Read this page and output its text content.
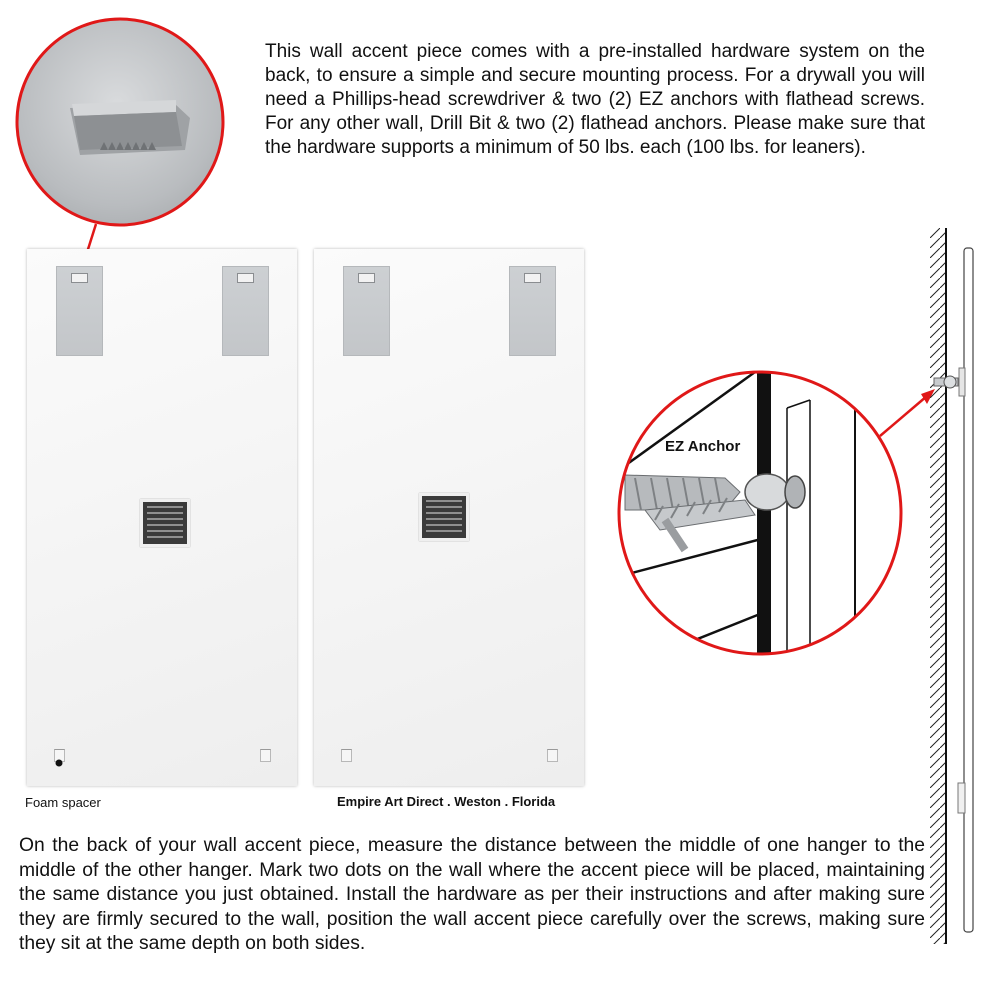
This wall accent piece comes with a pre-installed hardware system on the back, to ensure a simple and secure mounting process. For a drywall you will need a Phillips-head screwdriver & two (2) EZ anchors with flathead screws. For any other wall, Drill Bit & two (2) flathead anchors. Please make sure that the hardware supports a minimum of 50 lbs. each (100 lbs. for leaners).

Foam spacer	Empire Art Direct . Weston . Florida
EZ Anchor

On the back of your wall accent piece, measure the distance between the middle of one hanger to the middle of the other hanger. Mark two dots on the wall where the accent piece will be placed, maintaining the same distance you just obtained. Install the hardware as per their instructions and after making sure they are firmly secured to the wall, position the wall accent piece carefully over the screws, making sure they sit at the same depth on both sides.
